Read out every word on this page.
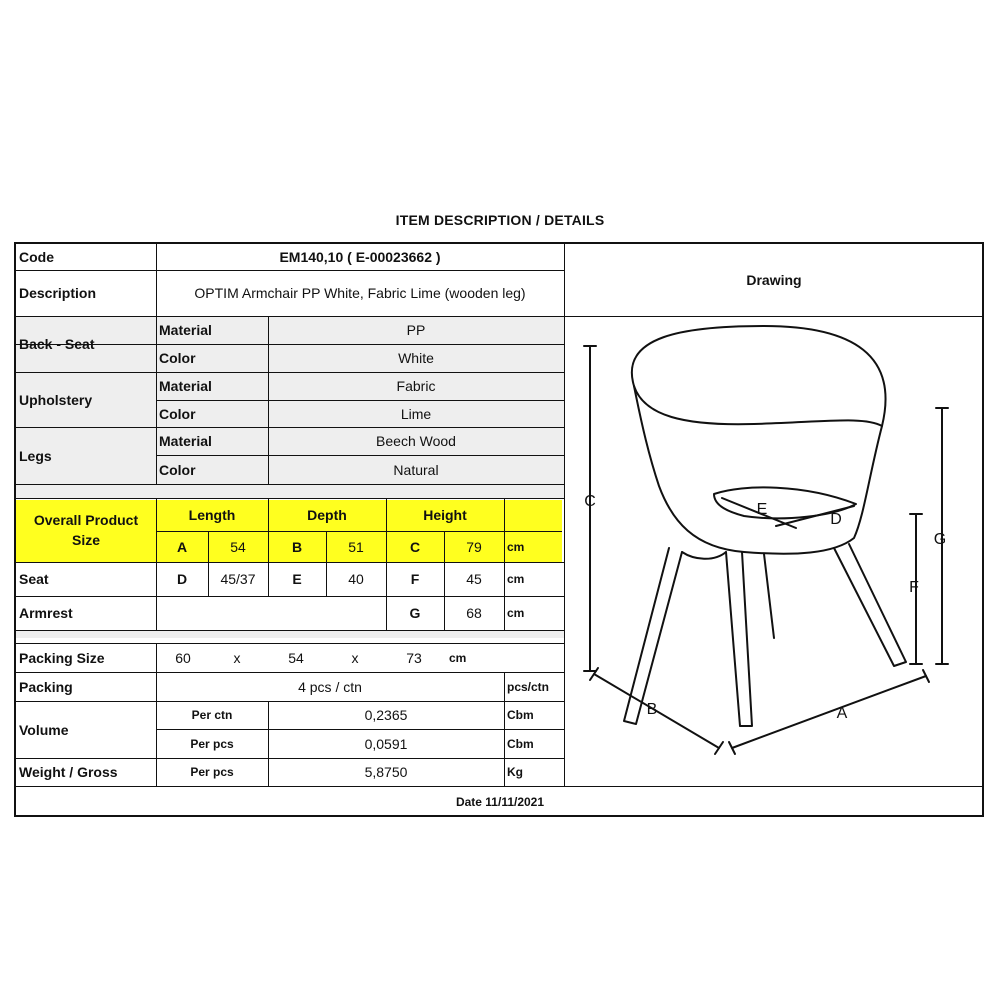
ITEM DESCRIPTION / DETAILS
Code	EM140,10 ( E-00023662 )
Description	OPTIM Armchair PP White, Fabric Lime (wooden leg)
Drawing
Back - Seat
Material	PP
Color	White
Upholstery
Material	Fabric
Color	Lime
Legs
Material	Beech Wood
Color	Natural
Overall Product Size
Length	Depth	Height
A	54	B	51	C	79	cm
Seat	D	45/37	E	40	F	45	cm
Armrest	G	68	cm
Packing Size	60	x	54	x	73	cm
Packing	4 pcs / ctn	pcs/ctn
Volume
Per ctn	0,2365	Cbm
Per pcs	0,0591	Cbm
Weight / Gross	Per pcs	5,8750	Kg
Date 11/11/2021
C
G
F
B	A
E
D
